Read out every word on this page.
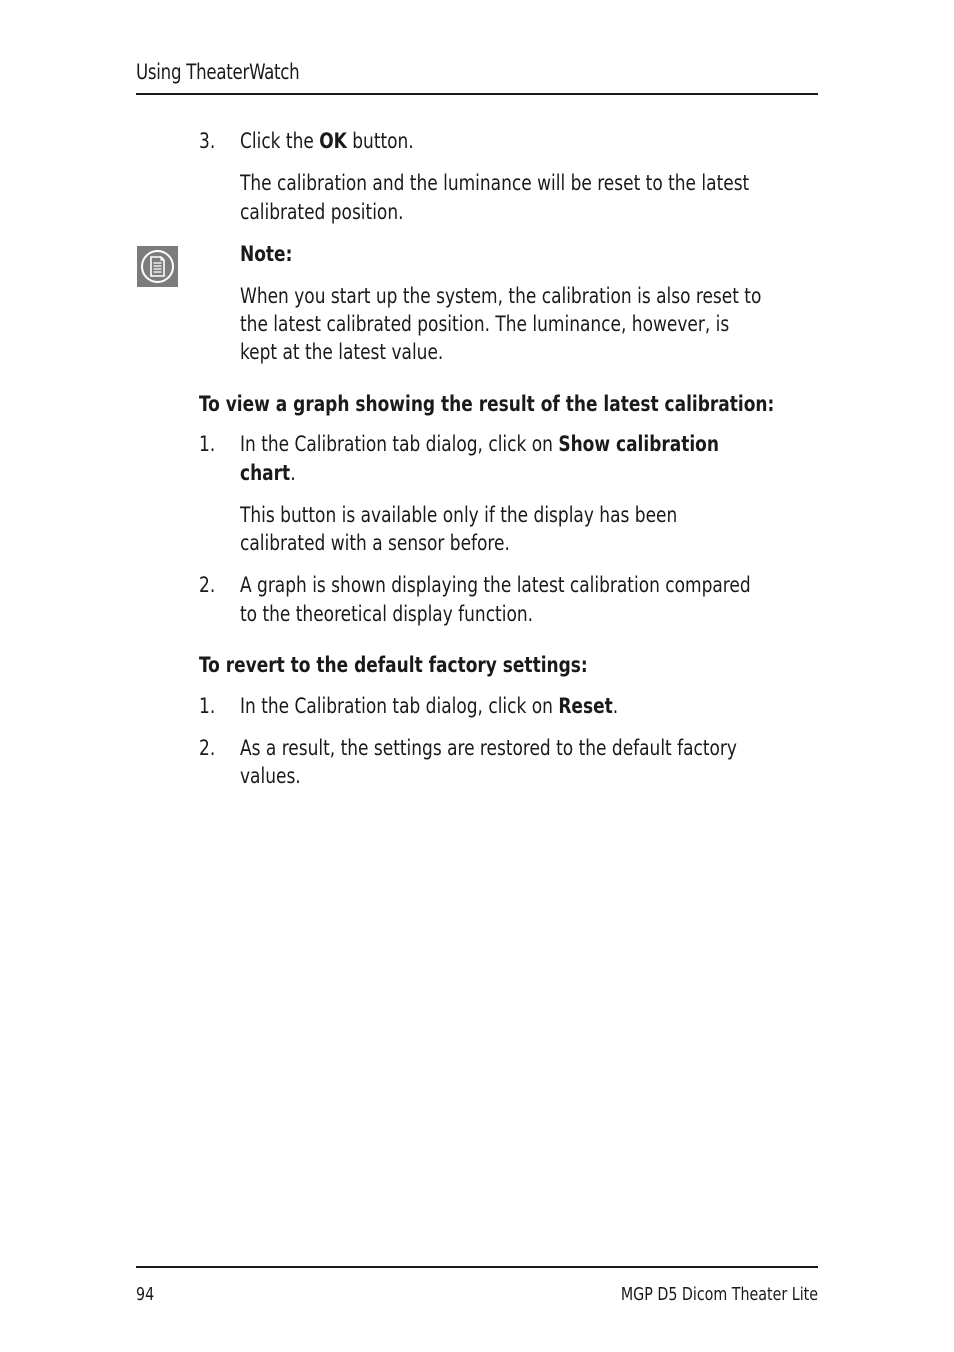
Using TheaterWatch
3. Click the OK button.
The calibration and the luminance will be reset to the latest
calibrated position.
Note:
When you start up the system, the calibration is also reset to
the latest calibrated position. The luminance, however, is
kept at the latest value.
To view a graph showing the result of the latest calibration:
1. In the Calibration tab dialog, click on Show calibration
chart.
This button is available only if the display has been
calibrated with a sensor before.
2. A graph is shown displaying the latest calibration compared
to the theoretical display function.
To revert to the default factory settings:
1. In the Calibration tab dialog, click on Reset.
2. As a result, the settings are restored to the default factory
values.
94	MGP D5 Dicom Theater Lite
